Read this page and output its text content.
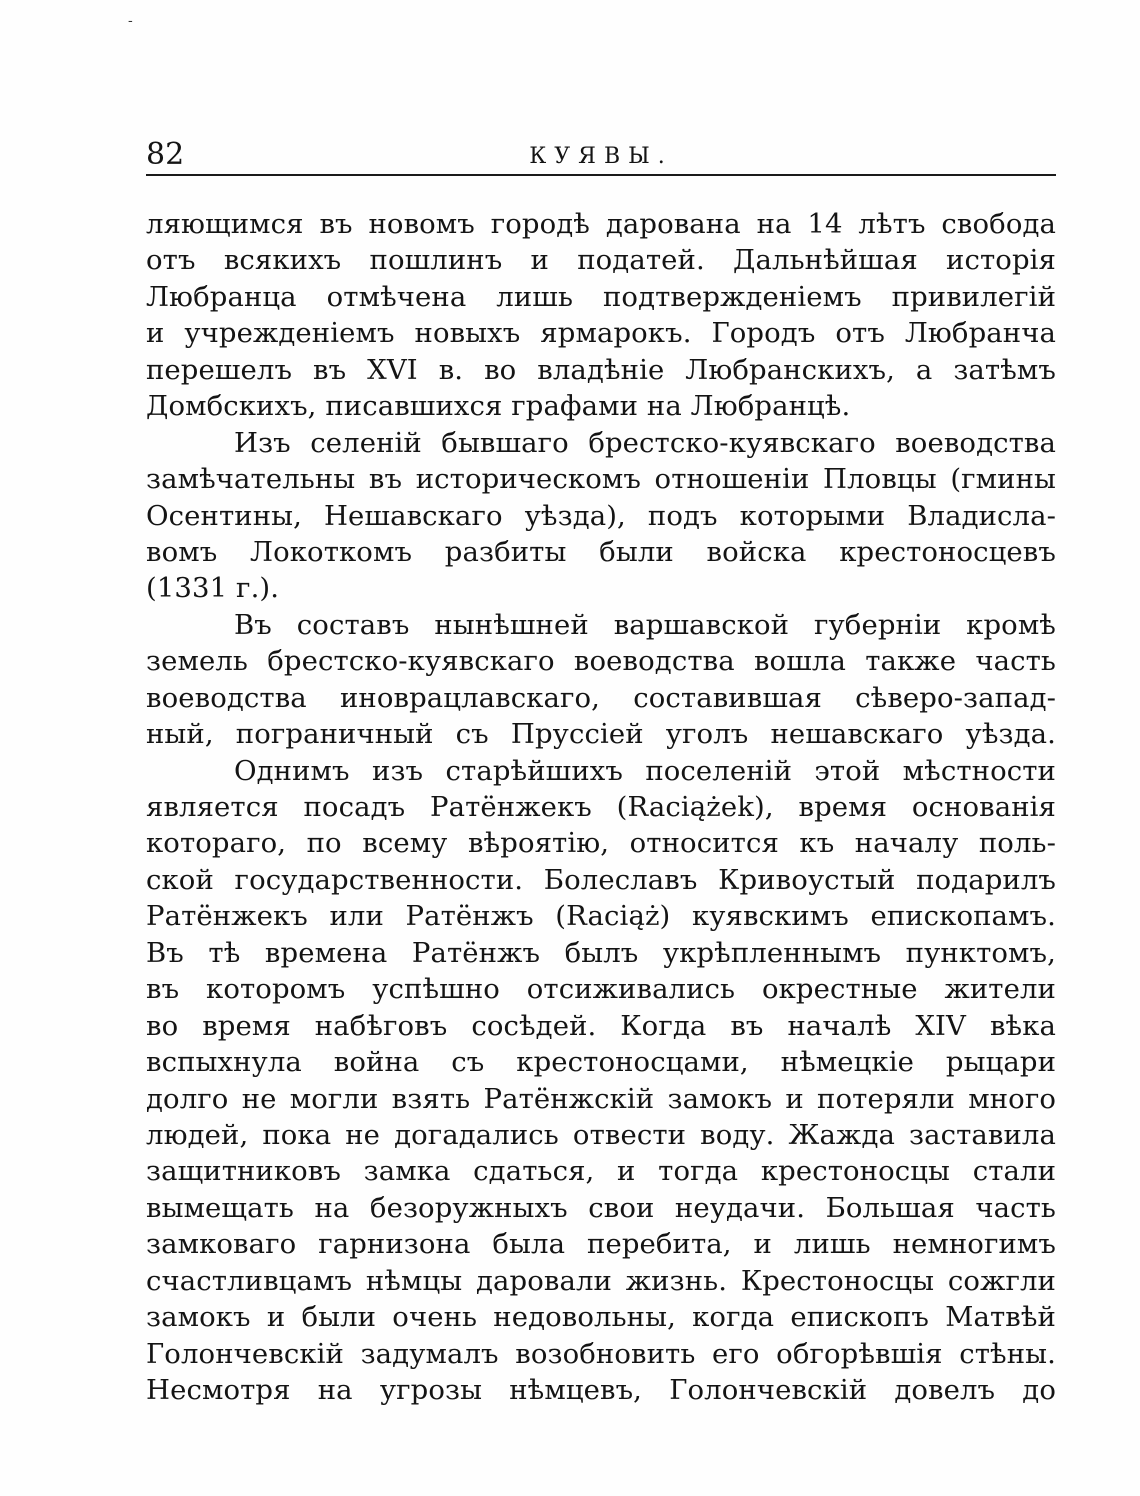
-
82	КУЯВЫ.
ляющимся въ новомъ городѣ дарована на 14 лѣтъ свобода
отъ всякихъ пошлинъ и податей. Дальнѣйшая исторія
Любранца отмѣчена лишь подтвержденіемъ привилегій
и учрежденіемъ новыхъ ярмарокъ. Городъ отъ Любранча
перешелъ въ XVI в. во владѣніе Любранскихъ, а затѣмъ
Домбскихъ, писавшихся графами на Любранцѣ.
Изъ селеній бывшаго брестско-куявскаго воеводства
замѣчательны въ историческомъ отношеніи Пловцы (гмины
Осентины, Нешавскаго уѣзда), подъ которыми Владисла-
вомъ Локоткомъ разбиты были войска крестоносцевъ
(1331 г.).
Въ составъ нынѣшней варшавской губерніи кромѣ
земель брестско-куявскаго воеводства вошла также часть
воеводства иноврацлавскаго, составившая сѣверо-запад-
ный, пограничный съ Пруссіей уголъ нешавскаго уѣзда.
Однимъ изъ старѣйшихъ поселеній этой мѣстности
является посадъ Ратёнжекъ (Raciążek), время основанія
котораго, по всему вѣроятію, относится къ началу поль-
ской государственности. Болеславъ Кривоустый подарилъ
Ратёнжекъ или Ратёнжъ (Raciąż) куявскимъ епископамъ.
Въ тѣ времена Ратёнжъ былъ укрѣпленнымъ пунктомъ,
въ которомъ успѣшно отсиживались окрестные жители
во время набѣговъ сосѣдей. Когда въ началѣ XIV вѣка
вспыхнула война съ крестоносцами, нѣмецкіе рыцари
долго не могли взять Ратёнжскій замокъ и потеряли много
людей, пока не догадались отвести воду. Жажда заставила
защитниковъ замка сдаться, и тогда крестоносцы стали
вымещать на безоружныхъ свои неудачи. Большая часть
замковаго гарнизона была перебита, и лишь немногимъ
счастливцамъ нѣмцы даровали жизнь. Крестоносцы сожгли
замокъ и были очень недовольны, когда епископъ Матвѣй
Голончевскій задумалъ возобновить его обгорѣвшія стѣны.
Несмотря на угрозы нѣмцевъ, Голончевскій довелъ до
